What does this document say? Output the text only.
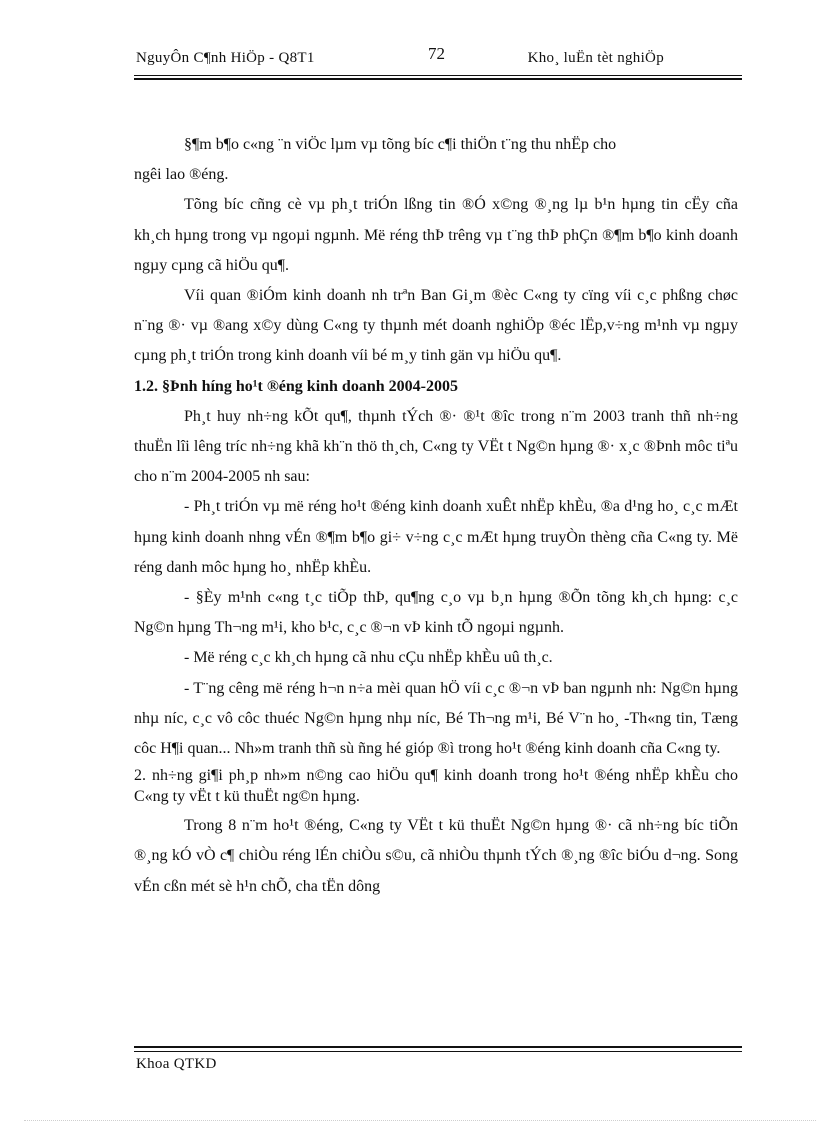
NguyÔn C¶nh HiÖp - Q8T1	72	Kho¸ luËn tèt nghiÖp

§¶m b¶o c«ng ¨n viÖc lµm vµ tõng bíc c¶i thiÖn t¨ng thu nhËp cho

ngêi lao ®éng.

Tõng bíc cñng cè vµ ph¸t triÓn lßng tin ®Ó x©ng ®¸ng lµ b¹n hµng tin cËy cña kh¸ch hµng trong vµ ngoµi ngµnh. Më réng thÞ trêng vµ t¨ng thÞ phÇn ®¶m b¶o kinh doanh ngµy cµng cã hiÖu qu¶.

Víi quan ®iÓm kinh doanh nh trªn Ban Gi¸m ®èc C«ng ty cïng víi c¸c phßng chøc n¨ng ®· vµ ®ang x©y dùng C«ng ty thµnh mét doanh nghiÖp ®éc lËp,v÷ng m¹nh vµ ngµy cµng ph¸t triÓn trong kinh doanh víi bé m¸y tinh gän vµ hiÖu qu¶.

1.2. §Þnh híng ho¹t ®éng kinh doanh 2004-2005

Ph¸t huy nh÷ng kÕt qu¶, thµnh tÝch ®· ®¹t ®îc trong n¨m 2003 tranh thñ nh÷ng thuËn lîi lêng tríc nh÷ng khã kh¨n thö th¸ch, C«ng ty VËt t Ng©n hµng ®· x¸c ®Þnh môc tiªu cho n¨m 2004-2005 nh sau:

- Ph¸t triÓn vµ më réng ho¹t ®éng kinh doanh xuÊt nhËp khÈu, ®a d¹ng ho¸ c¸c mÆt hµng kinh doanh nhng vÉn ®¶m b¶o gi÷ v÷ng c¸c mÆt hµng truyÒn thèng cña C«ng ty. Më réng danh môc hµng ho¸ nhËp khÈu.

- §Èy m¹nh c«ng t¸c tiÕp thÞ, qu¶ng c¸o vµ b¸n hµng ®Õn tõng kh¸ch hµng: c¸c Ng©n hµng Th¬ng m¹i, kho b¹c, c¸c ®¬n vÞ kinh tÕ ngoµi ngµnh.

- Më réng c¸c kh¸ch hµng cã nhu cÇu nhËp khÈu uû th¸c.

- T¨ng cêng më réng h¬n n÷a mèi quan hÖ víi c¸c ®¬n vÞ ban ngµnh nh: Ng©n hµng nhµ níc, c¸c vô côc thuéc Ng©n hµng nhµ níc, Bé Th¬ng m¹i, Bé V¨n ho¸ -Th«ng tin, Tæng côc H¶i quan... Nh»m tranh thñ sù ñng hé gióp ®ì trong ho¹t ®éng kinh doanh cña C«ng ty.

2. nh÷ng gi¶i ph¸p nh»m n©ng cao hiÖu qu¶ kinh doanh trong ho¹t ®éng nhËp khÈu cho C«ng ty vËt t kü thuËt ng©n hµng.

Trong 8 n¨m ho¹t ®éng, C«ng ty VËt t kü thuËt Ng©n hµng ®· cã nh÷ng bíc tiÕn ®¸ng kÓ vÒ c¶ chiÒu réng lÉn chiÒu s©u, cã nhiÒu thµnh tÝch ®¸ng ®îc biÓu d¬ng. Song vÉn cßn mét sè h¹n chÕ, cha tËn dông

Khoa QTKD
